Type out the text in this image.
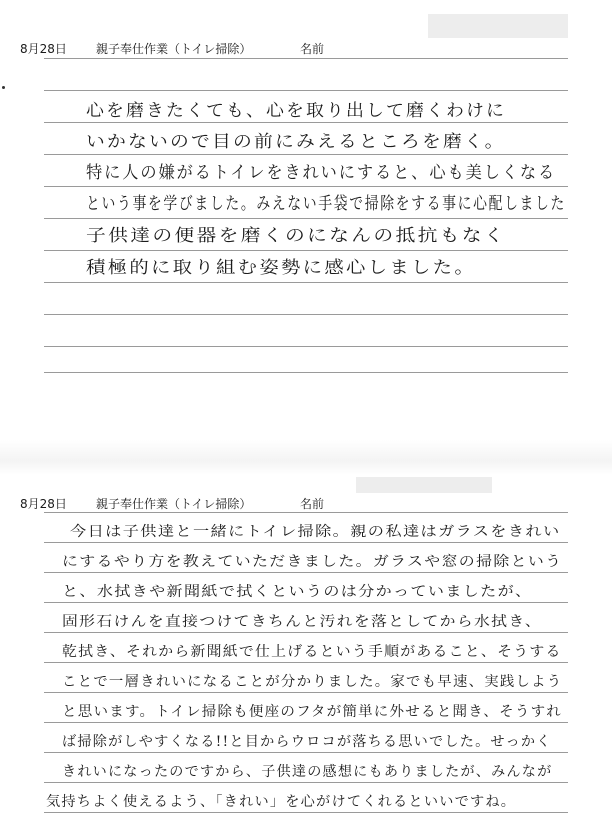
8月28日 親子奉仕作業（トイレ掃除）	名前
心を磨きたくても、心を取り出して磨くわけに
いかないので目の前にみえるところを磨く。
特に人の嫌がるトイレをきれいにすると、心も美しくなる
という事を学びました。みえない手袋で掃除をする事に心配しました
子供達の便器を磨くのになんの抵抗もなく
積極的に取り組む姿勢に感心しました。
8月28日 親子奉仕作業（トイレ掃除）	名前
今日は子供達と一緒にトイレ掃除。親の私達はガラスをきれい
にするやり方を教えていただきました。ガラスや窓の掃除という
と、水拭きや新聞紙で拭くというのは分かっていましたが、
固形石けんを直接つけてきちんと汚れを落としてから水拭き、
乾拭き、それから新聞紙で仕上げるという手順があること、そうする
ことで一層きれいになることが分かりました。家でも早速、実践しよう
と思います。トイレ掃除も便座のフタが簡単に外せると聞き、そうすれ
ば掃除がしやすくなる!!と目からウロコが落ちる思いでした。せっかく
きれいになったのですから、子供達の感想にもありましたが、みんなが
気持ちよく使えるよう、「きれい」を心がけてくれるといいですね。
